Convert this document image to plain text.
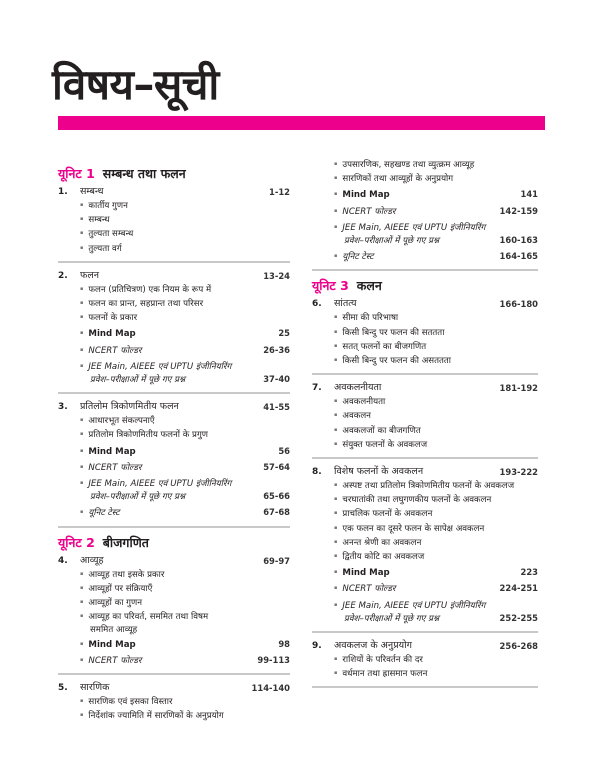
विषय–सूची
यूनिट 1 सम्बन्ध तथा फलन
1.	सम्बन्ध	1-12
▪ कार्तीय गुणन
▪ सम्बन्ध
▪ तुल्यता सम्बन्ध
▪ तुल्यता वर्ग
2.	फलन	13-24
▪ फलन (प्रतिचित्रण) एक नियम के रूप में
▪ फलन का प्रान्त, सहप्रान्त तथा परिसर
▪ फलनों के प्रकार
▪ Mind Map	25
▪ NCERT फोल्डर	26-36
▪ JEE Main, AIEEE एवं UPTU इंजीनियरिंग
प्रवेश–परीक्षाओं में पूछे गए प्रश्न	37-40
3.	प्रतिलोम त्रिकोणमितीय फलन	41-55
▪ आधारभूत संकल्पनाएँ
▪ प्रतिलोम त्रिकोणमितीय फलनों के प्रगुण
▪ Mind Map	56
▪ NCERT फोल्डर	57-64
▪ JEE Main, AIEEE एवं UPTU इंजीनियरिंग
प्रवेश–परीक्षाओं में पूछे गए प्रश्न	65-66
▪ यूनिट टेस्ट	67-68
यूनिट 2 बीजगणित
4.	आव्यूह	69-97
▪ आव्यूह तथा इसके प्रकार
▪ आव्यूहों पर संक्रियाएँ
▪ आव्यूहों का गुणन
▪ आव्यूह का परिवर्त, सममित तथा विषम
सममित आव्यूह
▪ Mind Map	98
▪ NCERT फोल्डर	99-113
5.	सारणिक	114-140
▪ सारणिक एवं इसका विस्तार
▪ निर्देशांक ज्यामिति में सारणिकों के अनुप्रयोग
▪ उपसारणिक, सहखण्ड तथा व्युत्क्रम आव्यूह
▪ सारणिकों तथा आव्यूहों के अनुप्रयोग
▪ Mind Map	141
▪ NCERT फोल्डर	142-159
▪ JEE Main, AIEEE एवं UPTU इंजीनियरिंग
प्रवेश–परीक्षाओं में पूछे गए प्रश्न	160-163
▪ यूनिट टेस्ट	164-165
यूनिट 3 कलन
6.	सांतत्य	166-180
▪ सीमा की परिभाषा
▪ किसी बिन्दु पर फलन की सततता
▪ सतत् फलनों का बीजगणित
▪ किसी बिन्दु पर फलन की असततता
7.	अवकलनीयता	181-192
▪ अवकलनीयता
▪ अवकलन
▪ अवकलजों का बीजगणित
▪ संयुक्त फलनों के अवकलज
8.	विशेष फलनों के अवकलन	193-222
▪ अस्पष्ट तथा प्रतिलोम त्रिकोणमितीय फलनों के अवकलज
▪ चरघातांकी तथा लघुगणकीय फलनों के अवकलन
▪ प्राचलिक फलनों के अवकलन
▪ एक फलन का दूसरे फलन के सापेक्ष अवकलन
▪ अनन्त श्रेणी का अवकलन
▪ द्वितीय कोटि का अवकलज
▪ Mind Map	223
▪ NCERT फोल्डर	224-251
▪ JEE Main, AIEEE एवं UPTU इंजीनियरिंग
प्रवेश–परीक्षाओं में पूछे गए प्रश्न	252-255
9.	अवकलज के अनुप्रयोग	256-268
▪ राशियों के परिवर्तन की दर
▪ वर्धमान तथा ह्रासमान फलन
